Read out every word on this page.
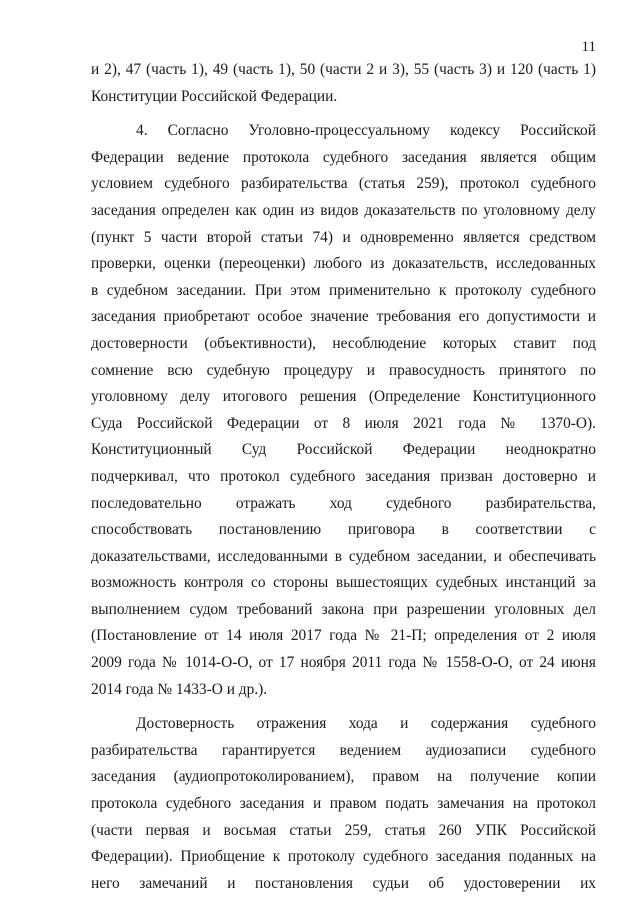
11
и 2), 47 (часть 1), 49 (часть 1), 50 (части 2 и 3), 55 (часть 3) и 120 (часть 1)
Конституции Российской Федерации.
4. Согласно Уголовно-процессуальному кодексу Российской
Федерации ведение протокола судебного заседания является общим
условием судебного разбирательства (статья 259), протокол судебного
заседания определен как один из видов доказательств по уголовному делу
(пункт 5 части второй статьи 74) и одновременно является средством
проверки, оценки (переоценки) любого из доказательств, исследованных
в судебном заседании. При этом применительно к протоколу судебного
заседания приобретают особое значение требования его допустимости и
достоверности (объективности), несоблюдение которых ставит под
сомнение всю судебную процедуру и правосудность принятого по
уголовному делу итогового решения (Определение Конституционного
Суда Российской Федерации от 8 июля 2021 года № 1370-О).
Конституционный Суд Российской Федерации неоднократно
подчеркивал, что протокол судебного заседания призван достоверно и
последовательно отражать ход судебного разбирательства,
способствовать постановлению приговора в соответствии с
доказательствами, исследованными в судебном заседании, и обеспечивать
возможность контроля со стороны вышестоящих судебных инстанций за
выполнением судом требований закона при разрешении уголовных дел
(Постановление от 14 июля 2017 года № 21-П; определения от 2 июля
2009 года № 1014-О-О, от 17 ноября 2011 года № 1558-О-О, от 24 июня
2014 года № 1433-О и др.).
Достоверность отражения хода и содержания судебного
разбирательства гарантируется ведением аудиозаписи судебного
заседания (аудиопротоколированием), правом на получение копии
протокола судебного заседания и правом подать замечания на протокол
(части первая и восьмая статьи 259, статья 260 УПК Российской
Федерации). Приобщение к протоколу судебного заседания поданных на
него замечаний и постановления судьи об удостоверении их
